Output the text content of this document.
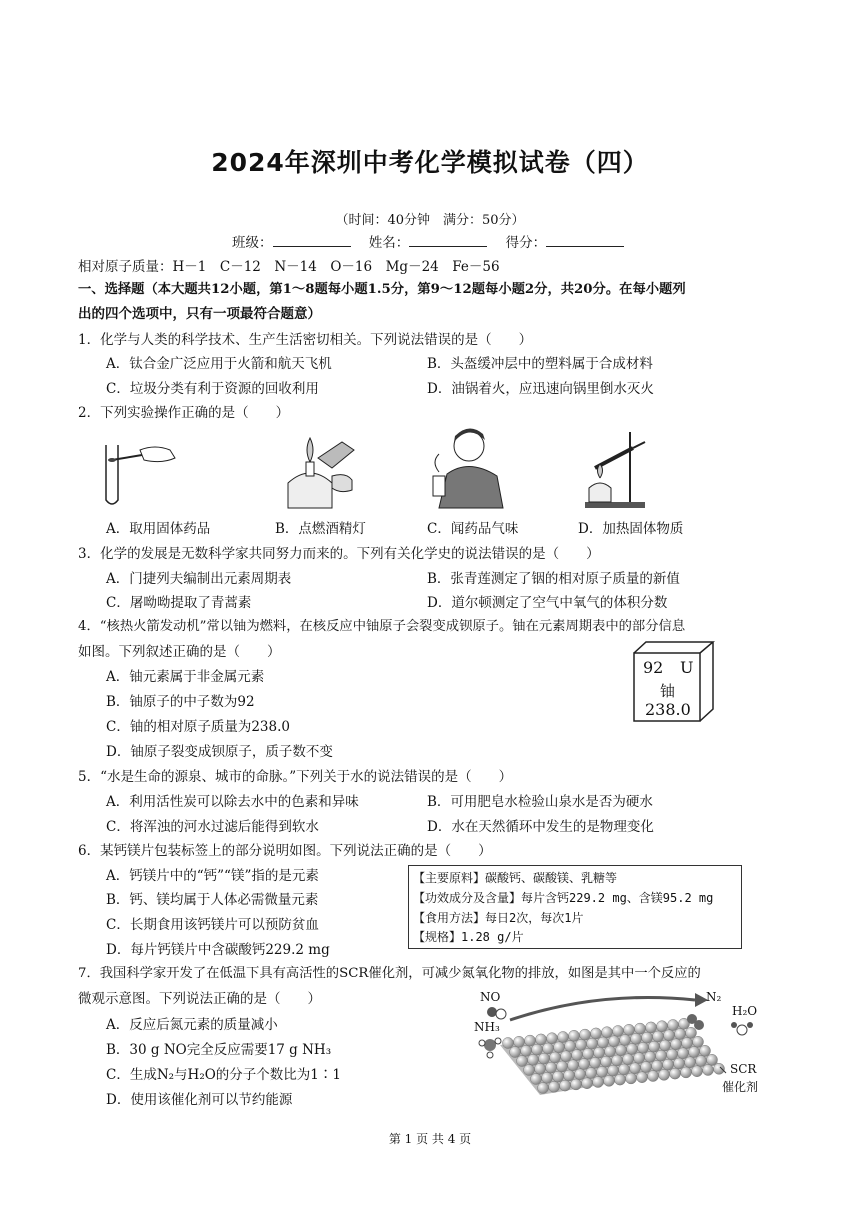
2024年深圳中考化学模拟试卷（四）
（时间：40分钟　满分：50分）
班级：	姓名：	得分：
相对原子质量：H－1　C－12　N－14　O－16　Mg－24　Fe－56
一、选择题（本大题共12小题，第1～8题每小题1.5分，第9～12题每小题2分，共20分。在每小题列
出的四个选项中，只有一项最符合题意）
1．化学与人类的科学技术、生产生活密切相关。下列说法错误的是（　　）
A．钛合金广泛应用于火箭和航天飞机	B．头盔缓冲层中的塑料属于合成材料
C．垃圾分类有利于资源的回收利用	D．油锅着火，应迅速向锅里倒水灭火
2．下列实验操作正确的是（　　）
A．取用固体药品	B．点燃酒精灯	C．闻药品气味	D．加热固体物质
3．化学的发展是无数科学家共同努力而来的。下列有关化学史的说法错误的是（　　）
A．门捷列夫编制出元素周期表	B．张青莲测定了铟的相对原子质量的新值
C．屠呦呦提取了青蒿素	D．道尔顿测定了空气中氧气的体积分数
4．“核热火箭发动机”常以铀为燃料，在核反应中铀原子会裂变成钡原子。铀在元素周期表中的部分信息
如图。下列叙述正确的是（　　）
A．铀元素属于非金属元素
B．铀原子的中子数为92
C．铀的相对原子质量为238.0
D．铀原子裂变成钡原子，质子数不变
92 U
铀
238.0
5．“水是生命的源泉、城市的命脉。”下列关于水的说法错误的是（　　）
A．利用活性炭可以除去水中的色素和异味	B．可用肥皂水检验山泉水是否为硬水
C．将浑浊的河水过滤后能得到软水	D．水在天然循环中发生的是物理变化
6．某钙镁片包装标签上的部分说明如图。下列说法正确的是（　　）
A．钙镁片中的“钙”“镁”指的是元素
B．钙、镁均属于人体必需微量元素
C．长期食用该钙镁片可以预防贫血
D．每片钙镁片中含碳酸钙229.2 mg
【主要原料】碳酸钙、碳酸镁、乳糖等
【功效成分及含量】每片含钙229.2 mg、含镁95.2 mg
【食用方法】每日2次，每次1片
【规格】1.28 g/片
7．我国科学家开发了在低温下具有高活性的SCR催化剂，可减少氮氧化物的排放，如图是其中一个反应的
微观示意图。下列说法正确的是（　　）
A．反应后氮元素的质量减小
B．30 g NO完全反应需要17 g NH₃
C．生成N₂与H₂O的分子个数比为1∶1
D．使用该催化剂可以节约能源
NO
NH₃
N₂
H₂O
SCR
催化剂
第 1 页 共 4 页
